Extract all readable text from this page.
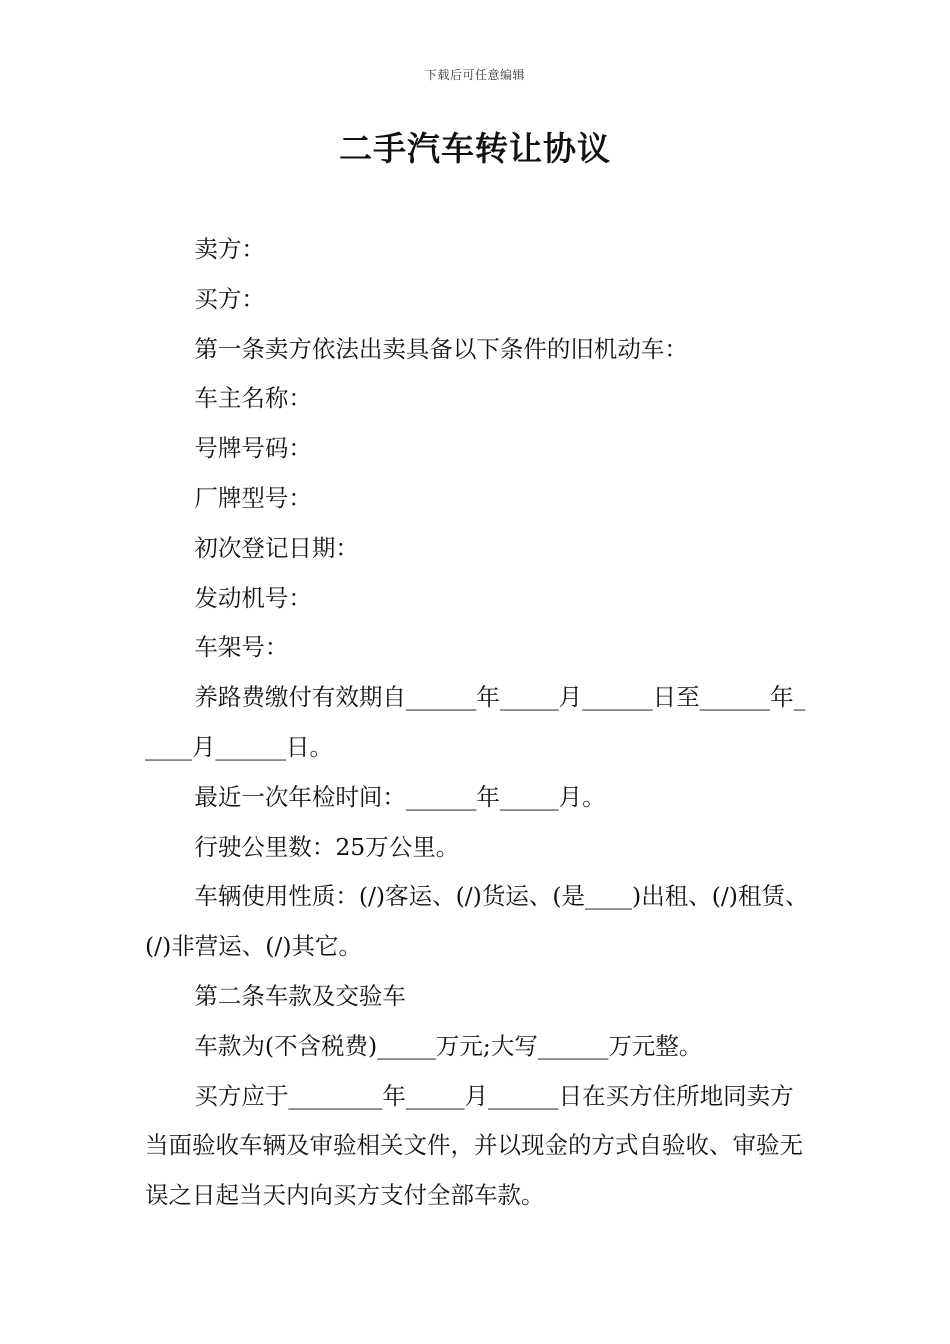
下载后可任意编辑
二手汽车转让协议

卖方：

买方：

第一条卖方依法出卖具备以下条件的旧机动车：

车主名称：

号牌号码：

厂牌型号：

初次登记日期：

发动机号：

车架号：

养路费缴付有效期自______年_____月______日至______年_____月______日。

最近一次年检时间：______年_____月。

行驶公里数：25万公里。

车辆使用性质：(/)客运、(/)货运、(是____)出租、(/)租赁、(/)非营运、(/)其它。

第二条车款及交验车

车款为(不含税费)_____万元;大写______万元整。

买方应于________年_____月______日在买方住所地同卖方当面验收车辆及审验相关文件，并以现金的方式自验收、审验无误之日起当天内向买方支付全部车款。
